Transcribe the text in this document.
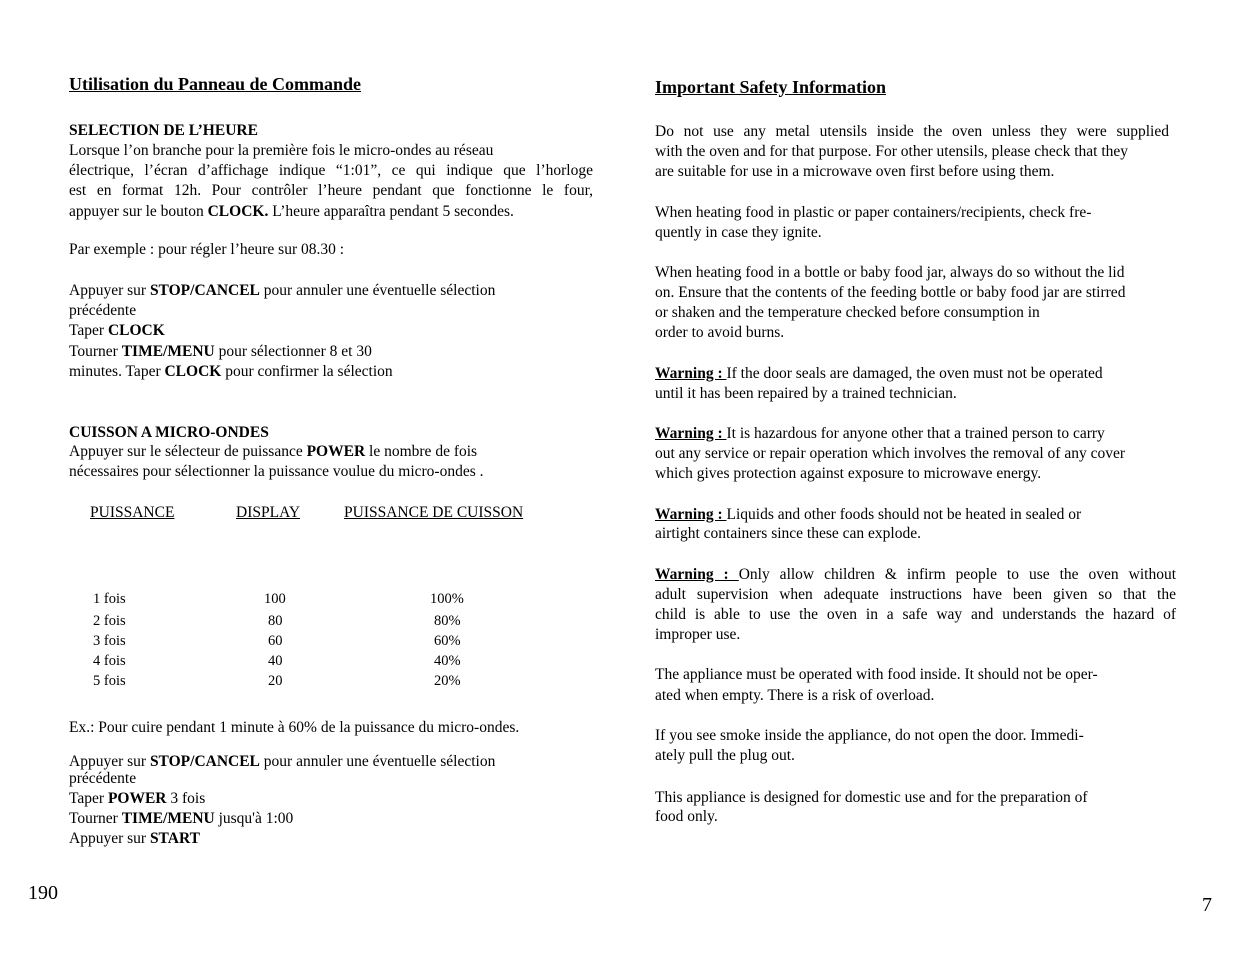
Utilisation du Panneau de Commande
SELECTION DE L’HEURE
Lorsque l’on branche pour la première fois le micro-ondes au réseau
électrique, l’écran d’affichage indique “1:01”, ce qui indique que l’horloge
est en format 12h. Pour contrôler l’heure pendant que fonctionne le four,
appuyer sur le bouton CLOCK. L’heure apparaîtra pendant 5 secondes.
Par exemple : pour régler l’heure sur 08.30 :
Appuyer sur STOP/CANCEL pour annuler une éventuelle sélection
précédente
Taper CLOCK
Tourner TIME/MENU pour sélectionner 8 et 30
minutes. Taper CLOCK pour confirmer la sélection
CUISSON A MICRO-ONDES
Appuyer sur le sélecteur de puissance POWER le nombre de fois
nécessaires pour sélectionner la puissance voulue du micro-ondes .
PUISSANCE	DISPLAY	PUISSANCE DE CUISSON
1 fois	100	100%
2 fois	80	80%
3 fois	60	60%
4 fois	40	40%
5 fois	20	20%
Ex.: Pour cuire pendant 1 minute à 60% de la puissance du micro-ondes.
Appuyer sur STOP/CANCEL pour annuler une éventuelle sélection
précédente
Taper POWER 3 fois
Tourner TIME/MENU jusqu'à 1:00
Appuyer sur START
190
Important Safety Information
Do not use any metal utensils inside the oven unless they were supplied
with the oven and for that purpose. For other utensils, please check that they
are suitable for use in a microwave oven first before using them.
When heating food in plastic or paper containers/recipients, check fre-
quently in case they ignite.
When heating food in a bottle or baby food jar, always do so without the lid
on. Ensure that the contents of the feeding bottle or baby food jar are stirred
or shaken and the temperature checked before consumption in
order to avoid burns.
Warning : If the door seals are damaged, the oven must not be operated
until it has been repaired by a trained technician.
Warning : It is hazardous for anyone other that a trained person to carry
out any service or repair operation which involves the removal of any cover
which gives protection against exposure to microwave energy.
Warning : Liquids and other foods should not be heated in sealed or
airtight containers since these can explode.
Warning : Only allow children & infirm people to use the oven without
adult supervision when adequate instructions have been given so that the
child is able to use the oven in a safe way and understands the hazard of
improper use.
The appliance must be operated with food inside. It should not be oper-
ated when empty. There is a risk of overload.
If you see smoke inside the appliance, do not open the door. Immedi-
ately pull the plug out.
This appliance is designed for domestic use and for the preparation of
food only.
7
